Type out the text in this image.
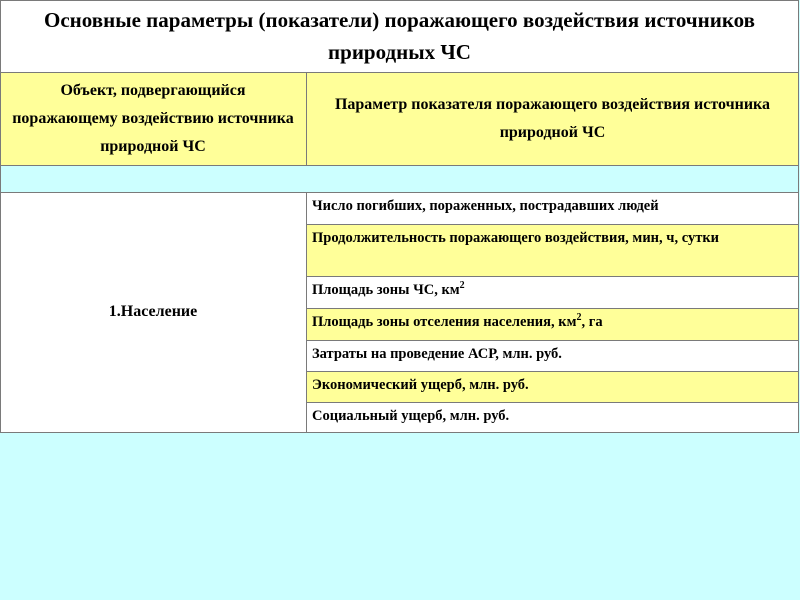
Основные параметры (показатели) поражающего воздействия источников природных ЧС
Объект, подвергающийся поражающему воздействию источника природной ЧС
Параметр показателя поражающего воздействия источника природной ЧС
1.Население
Число погибших, пораженных, пострадавших людей
Продолжительность поражающего воздействия, мин, ч, сутки
Площадь зоны ЧС, $км^2$
Площадь зоны отселения населения, $км^2$, га
Затраты на проведение АСР, млн. руб.
Экономический ущерб, млн. руб.
Социальный ущерб, млн. руб.
